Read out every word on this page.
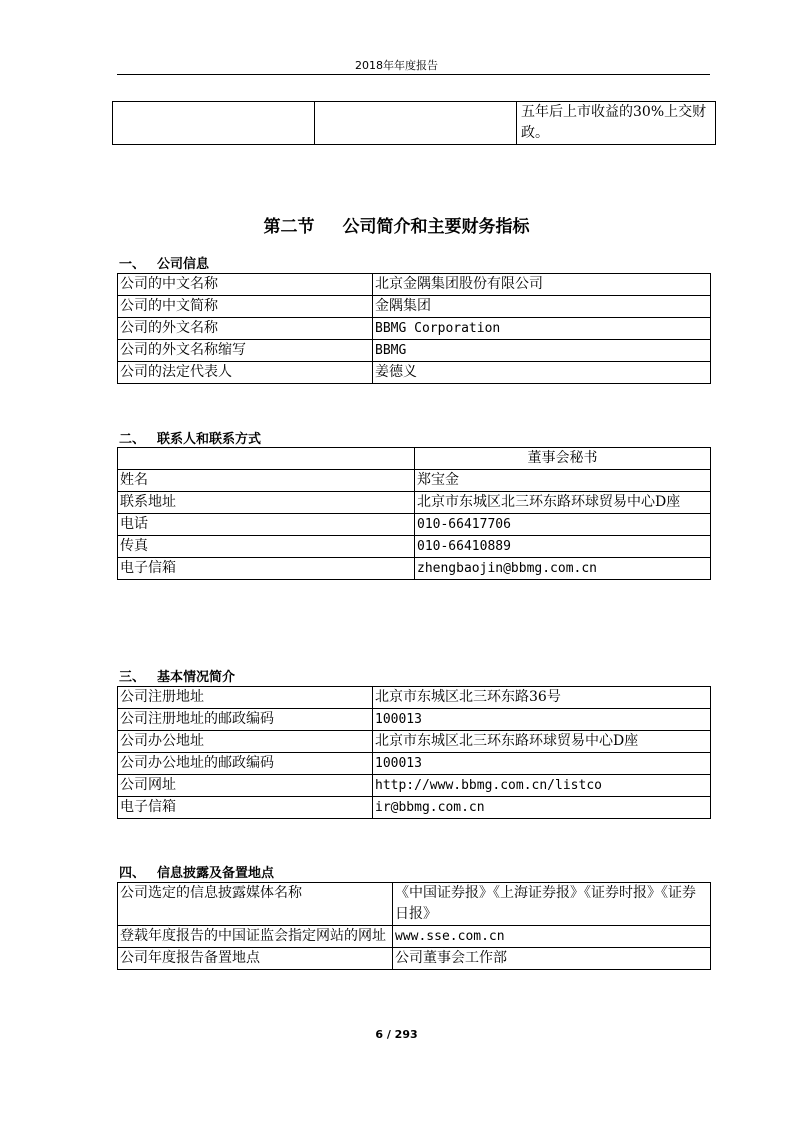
2018年年度报告
		五年后上市收益的30%上交财政。
第二节 公司简介和主要财务指标
一、 公司信息
公司的中文名称	北京金隅集团股份有限公司
公司的中文简称	金隅集团
公司的外文名称	BBMG Corporation
公司的外文名称缩写	BBMG
公司的法定代表人	姜德义
二、 联系人和联系方式
	董事会秘书
姓名	郑宝金
联系地址	北京市东城区北三环东路环球贸易中心D座
电话	010-66417706
传真	010-66410889
电子信箱	zhengbaojin@bbmg.com.cn
三、 基本情况简介
公司注册地址	北京市东城区北三环东路36号
公司注册地址的邮政编码	100013
公司办公地址	北京市东城区北三环东路环球贸易中心D座
公司办公地址的邮政编码	100013
公司网址	http://www.bbmg.com.cn/listco
电子信箱	ir@bbmg.com.cn
四、 信息披露及备置地点
公司选定的信息披露媒体名称	《中国证券报》《上海证券报》《证券时报》《证券日报》
登载年度报告的中国证监会指定网站的网址	www.sse.com.cn
公司年度报告备置地点	公司董事会工作部
6 / 293
